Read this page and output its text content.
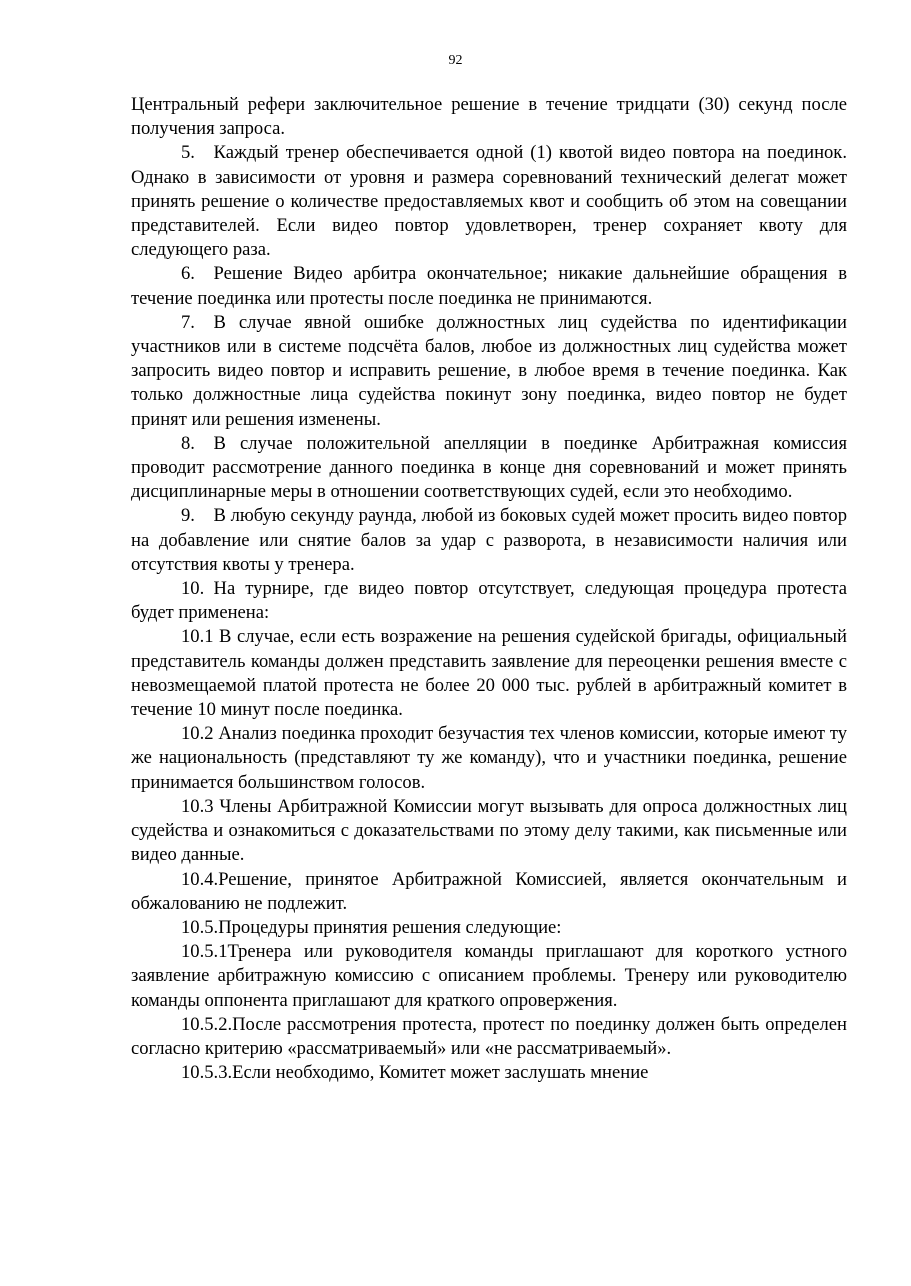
92

Центральный рефери заключительное решение в течение тридцати (30) секунд после получения запроса.

5. Каждый тренер обеспечивается одной (1) квотой видео повтора на поединок. Однако в зависимости от уровня и размера соревнований технический делегат может принять решение о количестве предоставляемых квот и сообщить об этом на совещании представителей. Если видео повтор удовлетворен, тренер сохраняет квоту для следующего раза.

6. Решение Видео арбитра окончательное; никакие дальнейшие обращения в течение поединка или протесты после поединка не принимаются.

7. В случае явной ошибке должностных лиц судейства по идентификации участников или в системе подсчёта балов, любое из должностных лиц судейства может запросить видео повтор и исправить решение, в любое время в течение поединка. Как только должностные лица судейства покинут зону поединка, видео повтор не будет принят или решения изменены.

8. В случае положительной апелляции в поединке Арбитражная комиссия проводит рассмотрение данного поединка в конце дня соревнований и может принять дисциплинарные меры в отношении соответствующих судей, если это необходимо.

9. В любую секунду раунда, любой из боковых судей может просить видео повтор на добавление или снятие балов за удар с разворота, в независимости наличия или отсутствия квоты у тренера.

10. На турнире, где видео повтор отсутствует, следующая процедура протеста будет применена:

10.1 В случае, если есть возражение на решения судейской бригады, официальный представитель команды должен представить заявление для переоценки решения вместе с невозмещаемой платой протеста не более 20 000 тыс. рублей в арбитражный комитет в течение 10 минут после поединка.

10.2 Анализ поединка проходит безучастия тех членов комиссии, которые имеют ту же национальность (представляют ту же команду), что и участники поединка, решение принимается большинством голосов.

10.3 Члены Арбитражной Комиссии могут вызывать для опроса должностных лиц судейства и ознакомиться с доказательствами по этому делу такими, как письменные или видео данные.

10.4.Решение, принятое Арбитражной Комиссией, является окончательным и обжалованию не подлежит.

10.5.Процедуры принятия решения следующие:

10.5.1Тренера или руководителя команды приглашают для короткого устного заявление арбитражную комиссию с описанием проблемы. Тренеру или руководителю команды оппонента приглашают для краткого опровержения.

10.5.2.После рассмотрения протеста, протест по поединку должен быть определен согласно критерию «рассматриваемый» или «не рассматриваемый».

10.5.3.Если необходимо, Комитет может заслушать мнение
